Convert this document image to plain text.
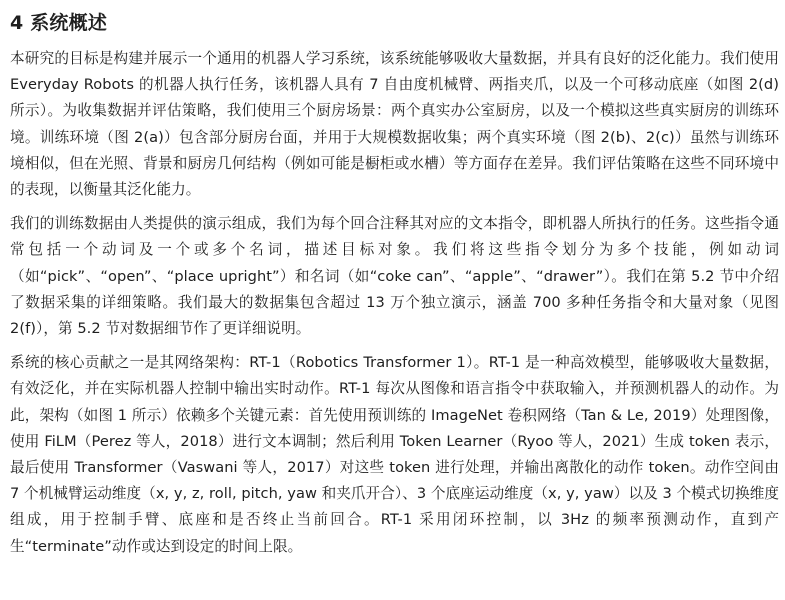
4 系统概述

本研究的目标是构建并展示一个通用的机器人学习系统，该系统能够吸收大量数据，并具有良好的泛化能力。我们使用 Everyday Robots 的机器人执行任务，该机器人具有 7 自由度机械臂、两指夹爪，以及一个可移动底座（如图 2(d) 所示）。为收集数据并评估策略，我们使用三个厨房场景：两个真实办公室厨房，以及一个模拟这些真实厨房的训练环境。训练环境（图 2(a)）包含部分厨房台面，并用于大规模数据收集；两个真实环境（图 2(b)、2(c)）虽然与训练环境相似，但在光照、背景和厨房几何结构（例如可能是橱柜或水槽）等方面存在差异。我们评估策略在这些不同环境中的表现，以衡量其泛化能力。

我们的训练数据由人类提供的演示组成，我们为每个回合注释其对应的文本指令，即机器人所执行的任务。这些指令通常包括一个动词及一个或多个名词，描述目标对象。我们将这些指令划分为多个技能，例如动词（如“pick”、“open”、“place upright”）和名词（如“coke can”、“apple”、“drawer”）。我们在第 5.2 节中介绍了数据采集的详细策略。我们最大的数据集包含超过 13 万个独立演示，涵盖 700 多种任务指令和大量对象（见图 2(f)），第 5.2 节对数据细节作了更详细说明。

系统的核心贡献之一是其网络架构：RT-1（Robotics Transformer 1）。RT-1 是一种高效模型，能够吸收大量数据，有效泛化，并在实际机器人控制中输出实时动作。RT-1 每次从图像和语言指令中获取输入，并预测机器人的动作。为此，架构（如图 1 所示）依赖多个关键元素：首先使用预训练的 ImageNet 卷积网络（Tan & Le, 2019）处理图像，使用 FiLM（Perez 等人，2018）进行文本调制；然后利用 Token Learner（Ryoo 等人，2021）生成 token 表示，最后使用 Transformer（Vaswani 等人，2017）对这些 token 进行处理，并输出离散化的动作 token。动作空间由 7 个机械臂运动维度（x, y, z, roll, pitch, yaw 和夹爪开合）、3 个底座运动维度（x, y, yaw）以及 3 个模式切换维度组成，用于控制手臂、底座和是否终止当前回合。RT-1 采用闭环控制，以 3Hz 的频率预测动作，直到产生“terminate”动作或达到设定的时间上限。
